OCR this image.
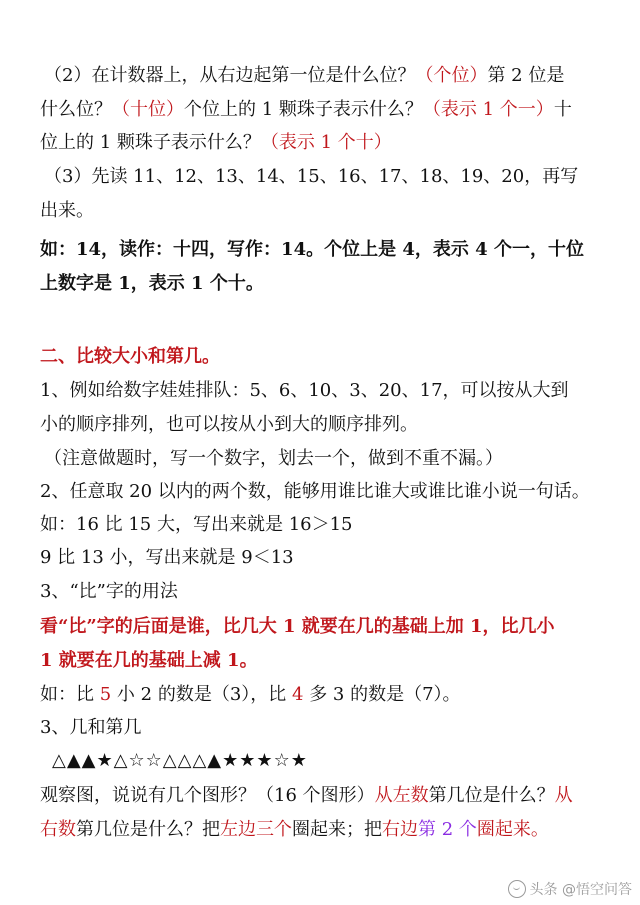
（2）在计数器上，从右边起第一位是什么位？（个位）第 2 位是
什么位？（十位）个位上的 1 颗珠子表示什么？（表示 1 个一）十
位上的 1 颗珠子表示什么？（表示 1 个十）
（3）先读 11、12、13、14、15、16、17、18、19、20，再写
出来。
如：14，读作：十四，写作：14。个位上是 4，表示 4 个一，十位
上数字是 1，表示 1 个十。
二、比较大小和第几。
1、例如给数字娃娃排队：5、6、10、3、20、17，可以按从大到
小的顺序排列，也可以按从小到大的顺序排列。
（注意做题时，写一个数字，划去一个，做到不重不漏。）
2、任意取 20 以内的两个数，能够用谁比谁大或谁比谁小说一句话。
如：16 比 15 大，写出来就是 16＞15
9 比 13 小，写出来就是 9＜13
3、“比”字的用法
看“比”字的后面是谁，比几大 1 就要在几的基础上加 1，比几小
1 就要在几的基础上减 1。
如：比 5 小 2 的数是（3），比 4 多 3 的数是（7）。
3、几和第几
△▲▲★△☆☆△△△▲★★★☆★
观察图，说说有几个图形？（16 个图形）从左数第几位是什么？从
右数第几位是什么？把左边三个圈起来；把右边第 2 个圈起来。
头条 @悟空问答
